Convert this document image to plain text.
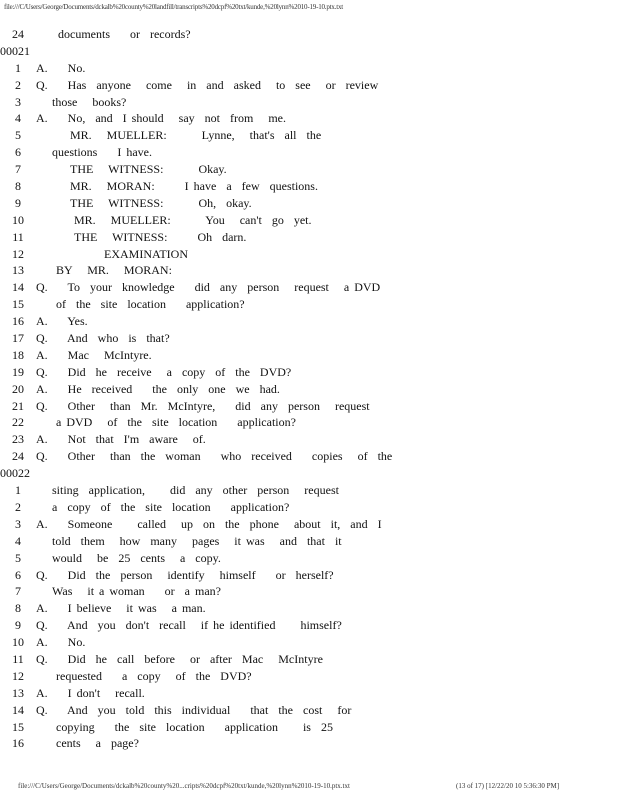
file:///C/Users/George/Documents/dckalb%20county%20landfill/transcripts%20dcpf%20txt/kunde,%20lynn%2010-19-10.ptx.txt
24	documents    or  records?
00021
1	A.    No.
2	Q.    Has  anyone   come   in  and  asked   to  see   or  review
3	those   books?
4	A.    No,  and  I should   say  not  from   me.
5	MR.   MUELLER:       Lynne,   that's  all  the
6	questions    I have.
7	THE   WITNESS:       Okay.
8	MR.   MORAN:      I have  a  few  questions.
9	THE   WITNESS:       Oh,  okay.
10	MR.   MUELLER:       You   can't  go  yet.
11	THE   WITNESS:      Oh  darn.
12	EXAMINATION
13	BY   MR.   MORAN:
14 Q.    To  your  knowledge    did  any  person   request   a DVD
15	of  the  site  location    application?
16 A.    Yes.
17 Q.    And  who  is  that?
18 A.    Mac   McIntyre.
19 Q.    Did  he  receive   a  copy  of  the  DVD?
20 A.    He  received    the  only  one  we  had.
21 Q.    Other   than  Mr.  McIntyre,    did  any  person   request
22	a DVD   of  the  site  location    application?
23 A.    Not  that  I'm  aware   of.
24 Q.    Other   than  the  woman    who  received    copies   of  the
00022
1	siting  application,     did  any  other  person   request
2	a  copy  of  the  site  location    application?
3	A.    Someone     called   up  on  the  phone   about  it,  and  I
4	told  them   how  many   pages   it was   and  that  it
5	would   be  25  cents   a  copy.
6	Q.    Did  the  person   identify   himself    or  herself?
7	Was   it a woman    or  a man?
8	A.    I believe   it was   a man.
9	Q.    And  you  don't  recall   if he identified     himself?
10 A.    No.
11 Q.    Did  he  call  before   or  after  Mac   McIntyre
12	requested    a  copy   of  the  DVD?
13 A.    I don't   recall.
14 Q.    And  you  told  this  individual    that  the  cost   for
15	copying    the  site  location    application     is  25
16	cents   a  page?
file:///C/Users/George/Documents/dckalb%20county%20...cripts%20dcpf%20txt/kunde,%20lynn%2010-19-10.ptx.txt	(13 of 17) [12/22/20 10 5:36:30 PM]
